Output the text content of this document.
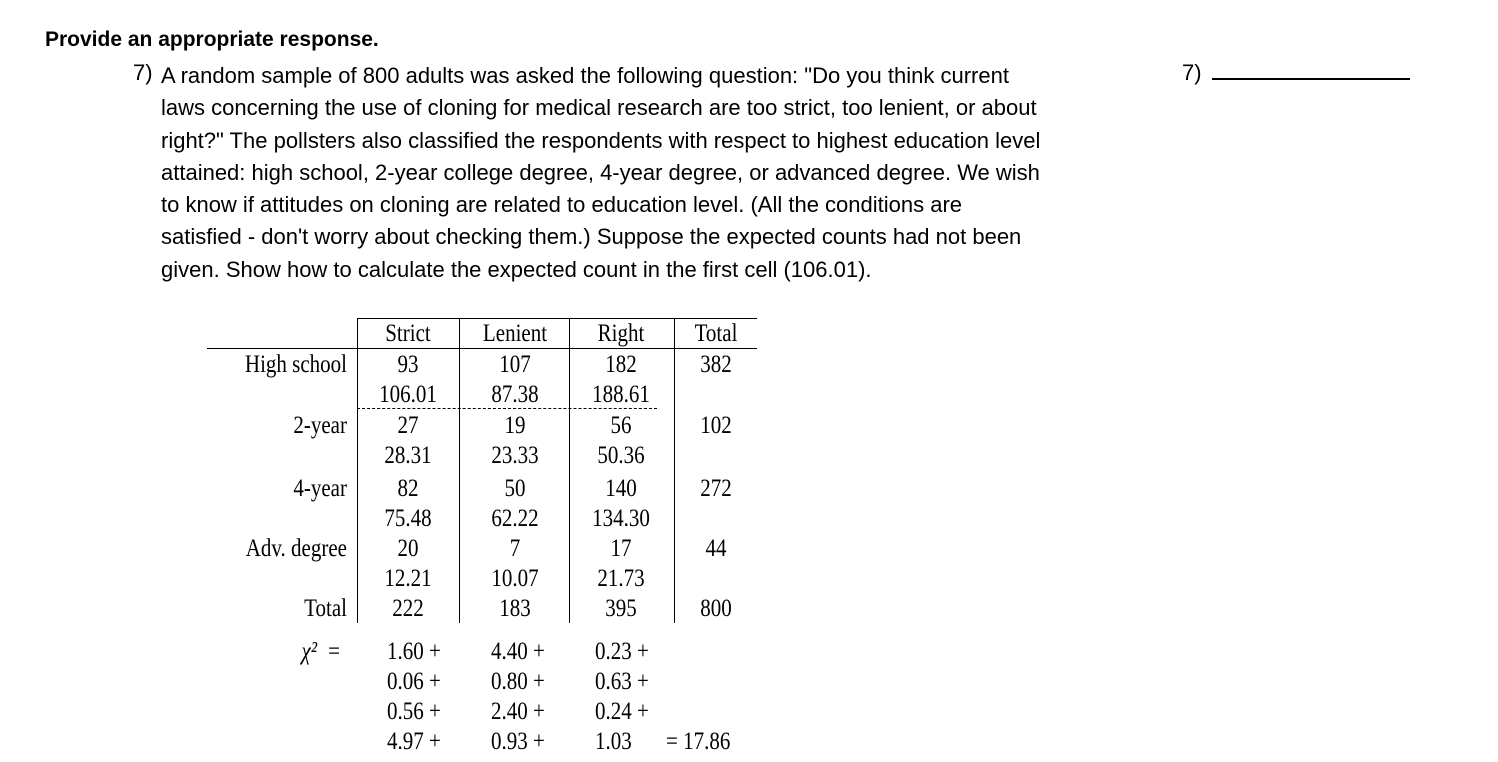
Provide an appropriate response.
7) A random sample of 800 adults was asked the following question: "Do you think current
laws concerning the use of cloning for medical research are too strict, too lenient, or about
right?" The pollsters also classified the respondents with respect to highest education level
attained: high school, 2-year college degree, 4-year degree, or advanced degree. We wish
to know if attitudes on cloning are related to education level. (All the conditions are
satisfied - don't worry about checking them.) Suppose the expected counts had not been
given. Show how to calculate the expected count in the first cell (106.01).
7)
Strict	Lenient	Right	Total
High school	93	107	182	382
106.01	87.38	188.61
2-year	27	19	56	102
28.31	23.33	50.36
4-year	82	50	140	272
75.48	62.22	134.30
Adv. degree	20	7	17	44
12.21	10.07	21.73
Total	222	183	395	800
χ² = 1.60 + 4.40 + 0.23 +
0.06 + 0.80 + 0.63 +
0.56 + 2.40 + 0.24 +
4.97 + 0.93 + 1.03 = 17.86
